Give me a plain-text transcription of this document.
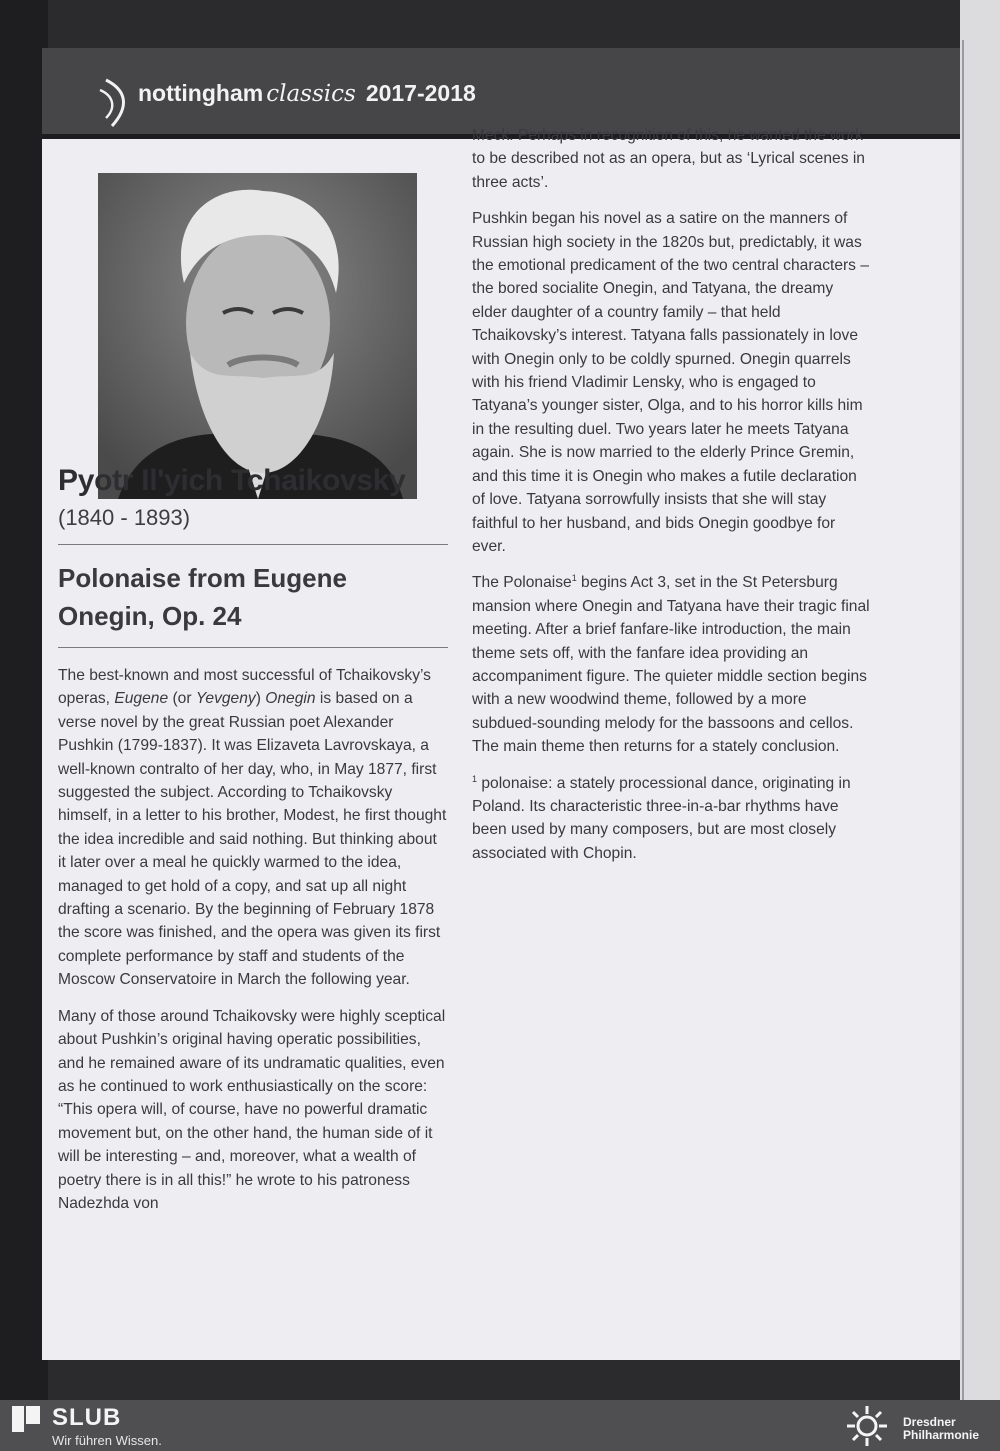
nottingham classics 2017-2018
Pyotr Il'yich Tchaikovsky
(1840 - 1893)
Polonaise from Eugene Onegin, Op. 24

The best-known and most successful of Tchaikovsky’s operas, Eugene (or Yevgeny) Onegin is based on a verse novel by the great Russian poet Alexander Pushkin (1799-1837). It was Elizaveta Lavrovskaya, a well-known contralto of her day, who, in May 1877, first suggested the subject. According to Tchaikovsky himself, in a letter to his brother, Modest, he first thought the idea incredible and said nothing. But thinking about it later over a meal he quickly warmed to the idea, managed to get hold of a copy, and sat up all night drafting a scenario. By the beginning of February 1878 the score was finished, and the opera was given its first complete performance by staff and students of the Moscow Conservatoire in March the following year.

Many of those around Tchaikovsky were highly sceptical about Pushkin’s original having operatic possibilities, and he remained aware of its undramatic qualities, even as he continued to work enthusiastically on the score: “This opera will, of course, have no powerful dramatic movement but, on the other hand, the human side of it will be interesting – and, moreover, what a wealth of poetry there is in all this!” he wrote to his patroness Nadezhda von

Meck. Perhaps in recognition of this, he wanted the work to be described not as an opera, but as ‘Lyrical scenes in three acts’.

Pushkin began his novel as a satire on the manners of Russian high society in the 1820s but, predictably, it was the emotional predicament of the two central characters – the bored socialite Onegin, and Tatyana, the dreamy elder daughter of a country family – that held Tchaikovsky’s interest. Tatyana falls passionately in love with Onegin only to be coldly spurned. Onegin quarrels with his friend Vladimir Lensky, who is engaged to Tatyana’s younger sister, Olga, and to his horror kills him in the resulting duel. Two years later he meets Tatyana again. She is now married to the elderly Prince Gremin, and this time it is Onegin who makes a futile declaration of love. Tatyana sorrowfully insists that she will stay faithful to her husband, and bids Onegin goodbye for ever.

The Polonaise$^1$ begins Act 3, set in the St Petersburg mansion where Onegin and Tatyana have their tragic final meeting. After a brief fanfare-like introduction, the main theme sets off, with the fanfare idea providing an accompaniment figure. The quieter middle section begins with a new woodwind theme, followed by a more subdued-sounding melody for the bassoons and cellos. The main theme then returns for a stately conclusion.

$^1$ polonaise: a stately processional dance, originating in Poland. Its characteristic three-in-a-bar rhythms have been used by many composers, but are most closely associated with Chopin.
SLUB
Wir führen Wissen.
Dresdner
Philharmonie
